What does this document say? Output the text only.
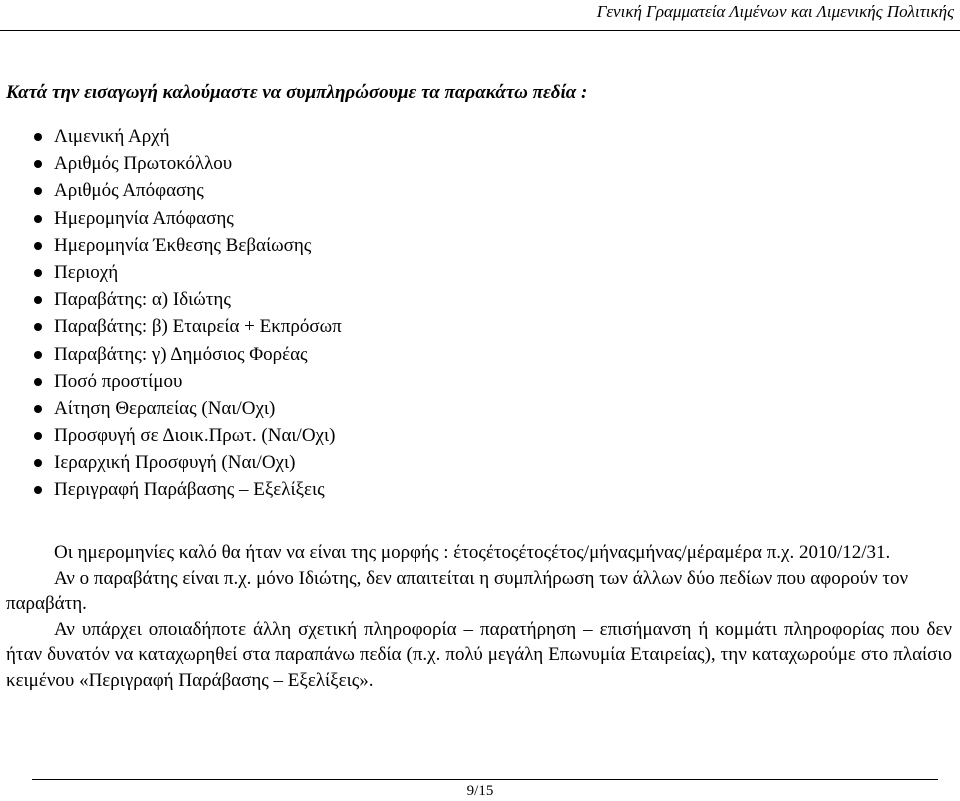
Γενική Γραμματεία Λιμένων και Λιμενικής Πολιτικής
Κατά την εισαγωγή καλούμαστε να συμπληρώσουμε τα παρακάτω πεδία :
Λιμενική Αρχή
Αριθμός Πρωτοκόλλου
Αριθμός Απόφασης
Ημερομηνία Απόφασης
Ημερομηνία Έκθεσης Βεβαίωσης
Περιοχή
Παραβάτης: α) Ιδιώτης
Παραβάτης: β) Εταιρεία + Εκπρόσωπ
Παραβάτης: γ) Δημόσιος Φορέας
Ποσό προστίμου
Αίτηση Θεραπείας (Ναι/Οχι)
Προσφυγή σε Διοικ.Πρωτ. (Ναι/Οχι)
Ιεραρχική Προσφυγή (Ναι/Οχι)
Περιγραφή Παράβασης – Εξελίξεις

Οι ημερομηνίες καλό θα ήταν να είναι της μορφής : έτοςέτοςέτοςέτος/μήναςμήνας/μέραμέρα π.χ. 2010/12/31.

Αν ο παραβάτης είναι π.χ. μόνο Ιδιώτης, δεν απαιτείται η συμπλήρωση των άλλων δύο πεδίων που αφορούν τον παραβάτη.

Αν υπάρχει οποιαδήποτε άλλη σχετική πληροφορία – παρατήρηση – επισήμανση ή κομμάτι πληροφορίας που δεν ήταν δυνατόν να καταχωρηθεί στα παραπάνω πεδία (π.χ. πολύ μεγάλη Επωνυμία Εταιρείας), την καταχωρούμε στο πλαίσιο κειμένου «Περιγραφή Παράβασης – Εξελίξεις».

9/15
